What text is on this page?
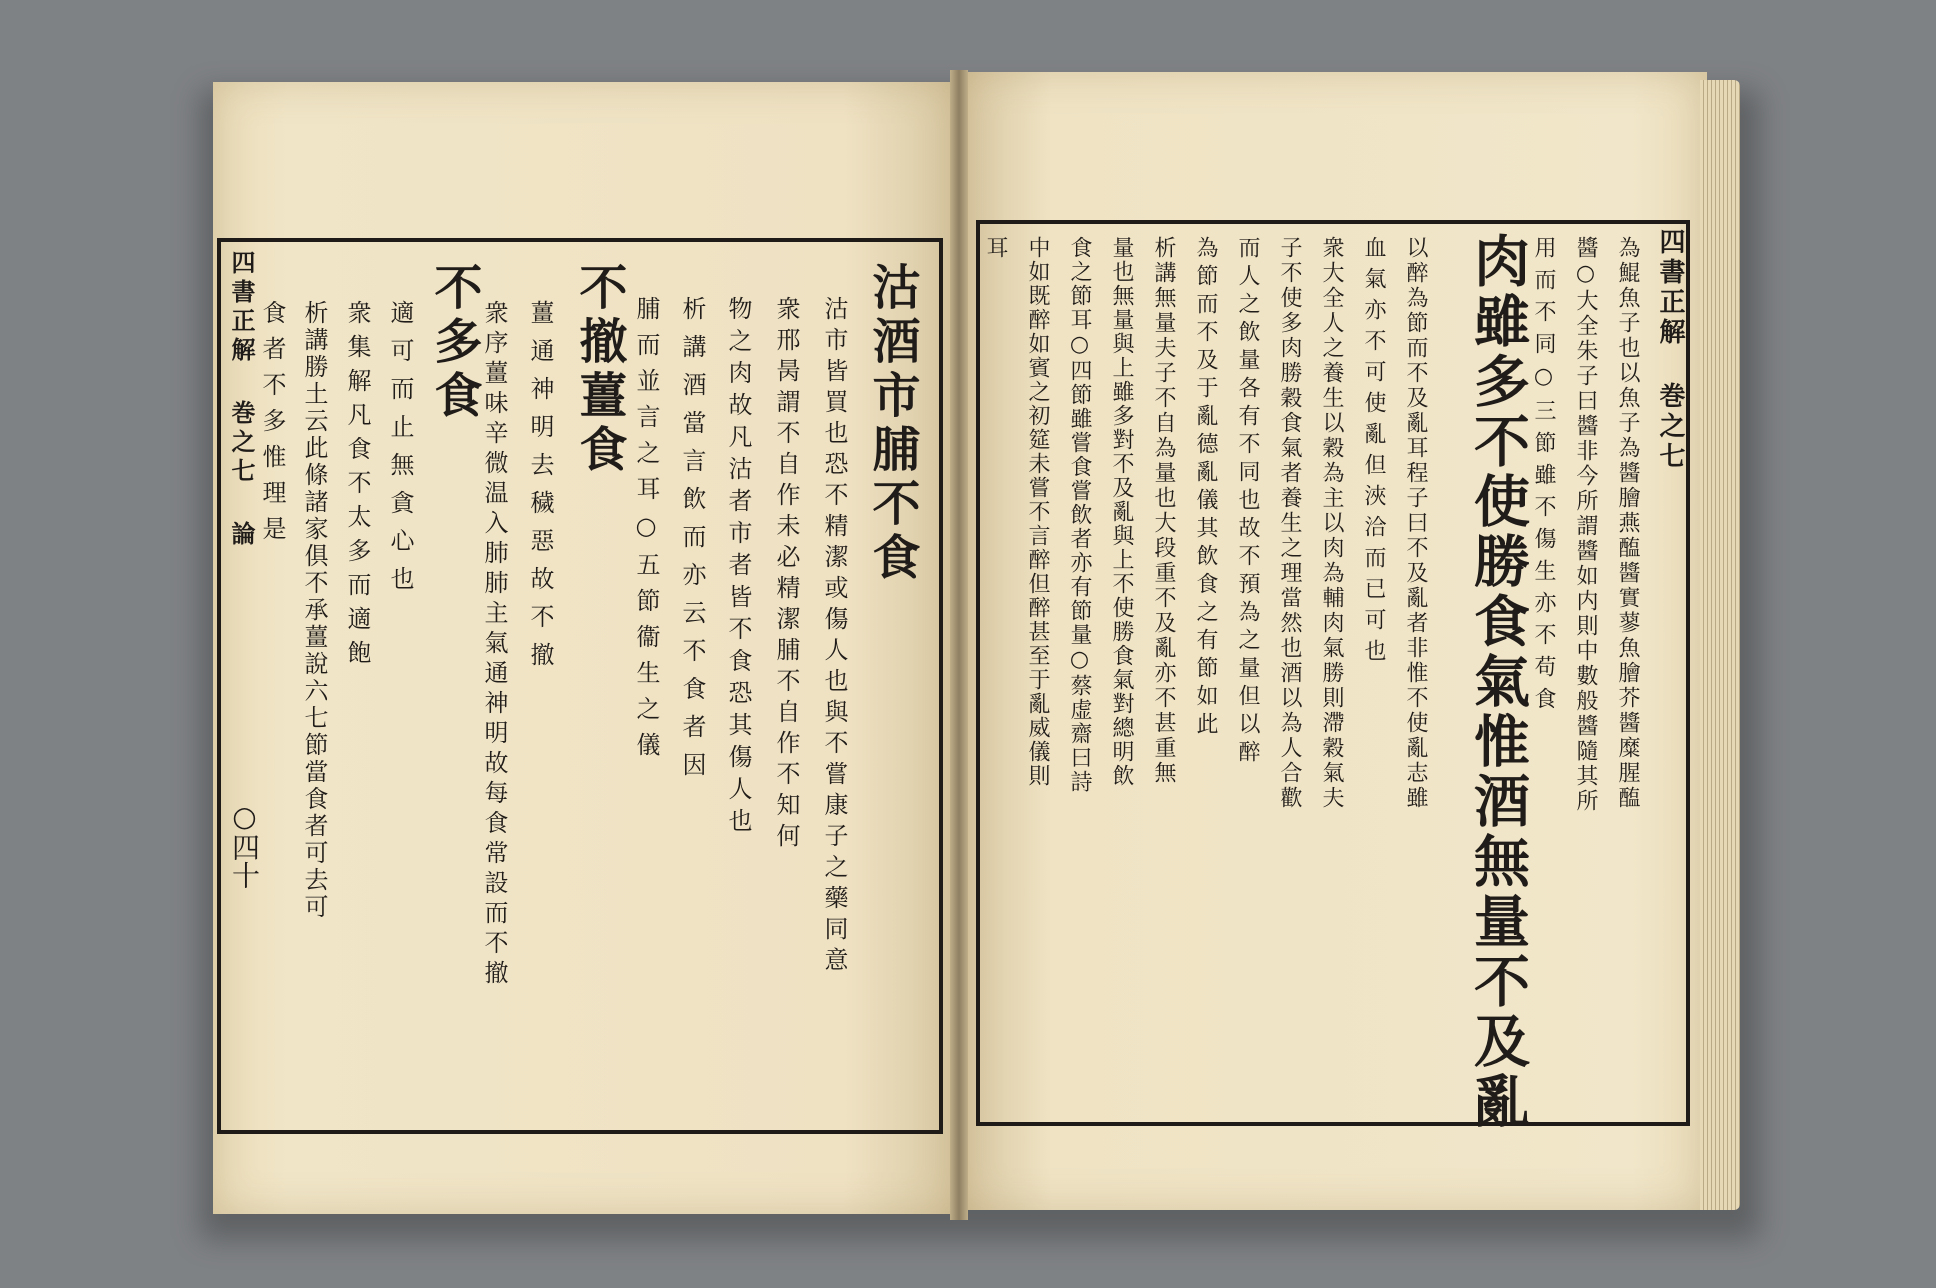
四書正解 巻之七 論
○四十
沽酒市脯不食
沽市皆買也恐不精潔或傷人也與不嘗康子之藥同意
衆邢昺謂不自作未必精潔脯不自作不知何
物之肉故凡沽者市者皆不食恐其傷人也
析講酒當言飲而亦云不食者因
脯而並言之耳○五節衞生之儀
不撤薑食
薑通神明去穢惡故不撤
衆序薑味辛微温入肺肺主氣通神明故每食常設而不撤
不多食
適可而止無貪心也
衆集解凡食不太多而適飽
析講勝土云此條諸家俱不承薑說六七節當食者可去可
食者不多惟理是	四書正解 巻之七
為鯤魚子也以魚子為醬膾燕醢醬實蓼魚膾芥醬糜腥醢
醬○大全朱子曰醬非今所謂醬如内則中數般醬隨其所
用而不同○三節雖不傷生亦不苟食
肉雖多不使勝食氣惟酒無量不及亂
以醉為節而不及亂耳程子曰不及亂者非惟不使亂志雖
血氣亦不可使亂但浹洽而已可也
衆大全人之養生以穀為主以肉為輔肉氣勝則滯穀氣夫
子不使多肉勝穀食氣者養生之理當然也酒以為人合歡
而人之飲量各有不同也故不預為之量但以醉
為節而不及于亂德亂儀其飲食之有節如此
析講無量夫子不自為量也大段重不及亂亦不甚重無
量也無量與上雖多對不及亂與上不使勝食氣對總明飲
食之節耳○四節雖嘗食嘗飲者亦有節量○蔡虚齋曰詩
中如既醉如賓之初筵未嘗不言醉但醉甚至于亂威儀則
耳
